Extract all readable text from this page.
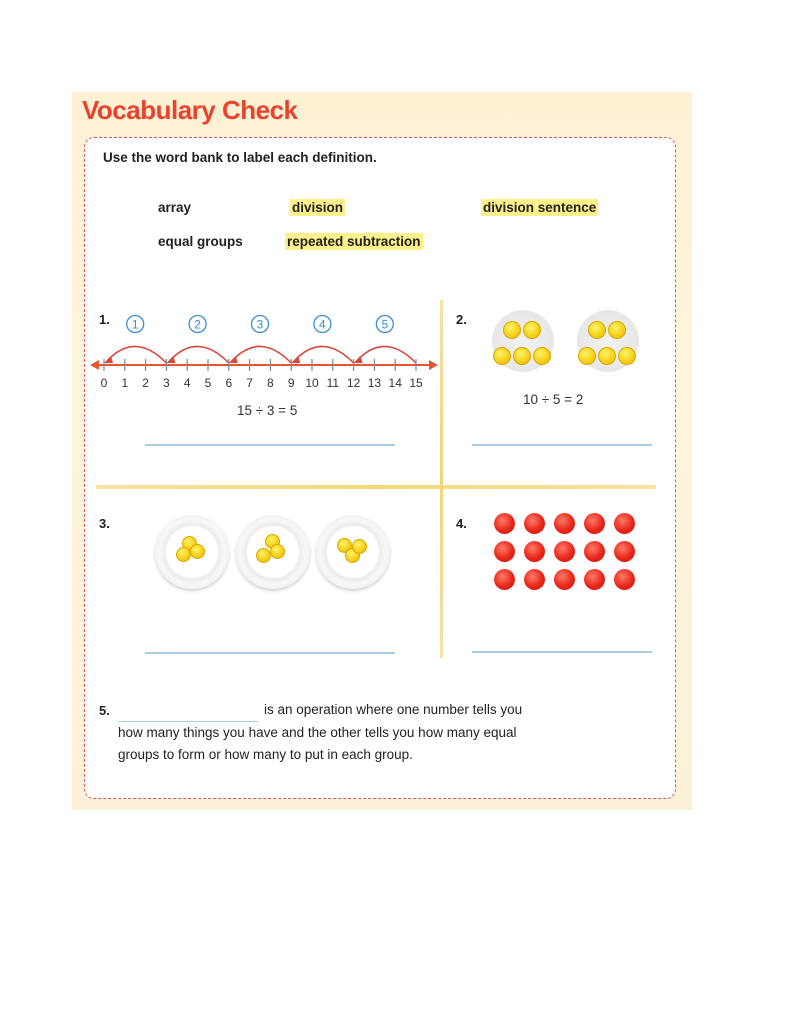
Vocabulary Check
Use the word bank to label each definition.
array	division	division sentence
equal groups	repeated subtraction
1.	5
4
3
2
1
0 1 2 3 4 5 6 7 8 9 10 11 12 13 14 15
15 ÷ 3 = 5
2.
10 ÷ 5 = 2
3.	4.
5.	is an operation where one number tells you how many things you have and the other tells you how many equal groups to form or how many to put in each group.
